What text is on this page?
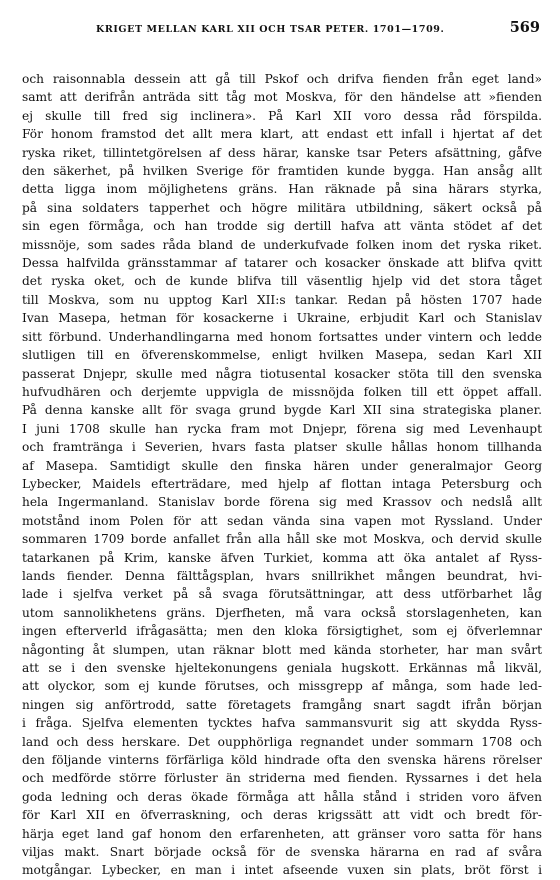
KRIGET MELLAN KARL XII OCH TSAR PETER. 1701—1709.	569
och raisonnabla dessein att gå till Pskof och drifva fienden från eget land»
samt att derifrån anträda sitt tåg mot Moskva, för den händelse att »fienden
ej skulle till fred sig inclinera». På Karl XII voro dessa råd förspilda.
För honom framstod det allt mera klart, att endast ett infall i hjertat af det
ryska riket, tillintetgörelsen af dess härar, kanske tsar Peters afsättning, gåfve
den säkerhet, på hvilken Sverige för framtiden kunde bygga. Han ansåg allt
detta ligga inom möjlighetens gräns. Han räknade på sina härars styrka,
på sina soldaters tapperhet och högre militära utbildning, säkert också på
sin egen förmåga, och han trodde sig dertill hafva att vänta stödet af det
missnöje, som sades råda bland de underkufvade folken inom det ryska riket.
Dessa halfvilda gränsstammar af tatarer och kosacker önskade att blifva qvitt
det ryska oket, och de kunde blifva till väsentlig hjelp vid det stora tåget
till Moskva, som nu upptog Karl XII:s tankar. Redan på hösten 1707 hade
Ivan Masepa, hetman för kosackerne i Ukraine, erbjudit Karl och Stanislav
sitt förbund. Underhandlingarna med honom fortsattes under vintern och ledde
slutligen till en öfverenskommelse, enligt hvilken Masepa, sedan Karl XII
passerat Dnjepr, skulle med några tiotusental kosacker stöta till den svenska
hufvudhären och derjemte uppvigla de missnöjda folken till ett öppet affall.
På denna kanske allt för svaga grund bygde Karl XII sina strategiska planer.
I juni 1708 skulle han rycka fram mot Dnjepr, förena sig med Levenhaupt
och framtränga i Severien, hvars fasta platser skulle hållas honom tillhanda
af Masepa. Samtidigt skulle den finska hären under generalmajor Georg
Lybecker, Maidels efterträdare, med hjelp af flottan intaga Petersburg och
hela Ingermanland. Stanislav borde förena sig med Krassov och nedslå allt
motstånd inom Polen för att sedan vända sina vapen mot Ryssland. Under
sommaren 1709 borde anfallet från alla håll ske mot Moskva, och dervid skulle
tatarkanen på Krim, kanske äfven Turkiet, komma att öka antalet af Ryss-
lands fiender. Denna fälttågsplan, hvars snillrikhet mången beundrat, hvi-
lade i sjelfva verket på så svaga förutsättningar, att dess utförbarhet låg
utom sannolikhetens gräns. Djerfheten, må vara också storslagenheten, kan
ingen efterverld ifrågasätta; men den kloka försigtighet, som ej öfverlemnar
någonting åt slumpen, utan räknar blott med kända storheter, har man svårt
att se i den svenske hjeltekonungens geniala hugskott. Erkännas må likväl,
att olyckor, som ej kunde förutses, och missgrepp af många, som hade led-
ningen sig anförtrodd, satte företagets framgång snart sagdt ifrån början
i fråga. Sjelfva elementen tycktes hafva sammansvurit sig att skydda Ryss-
land och dess herskare. Det oupphörliga regnandet under sommarn 1708 och
den följande vinterns förfärliga köld hindrade ofta den svenska härens rörelser
och medförde större förluster än striderna med fienden. Ryssarnes i det hela
goda ledning och deras ökade förmåga att hålla stånd i striden voro äfven
för Karl XII en öfverraskning, och deras krigssätt att vidt och bredt för-
härja eget land gaf honom den erfarenheten, att gränser voro satta för hans
viljas makt. Snart började också för de svenska härarna en rad af svåra
motgångar. Lybecker, en man i intet afseende vuxen sin plats, bröt först i
